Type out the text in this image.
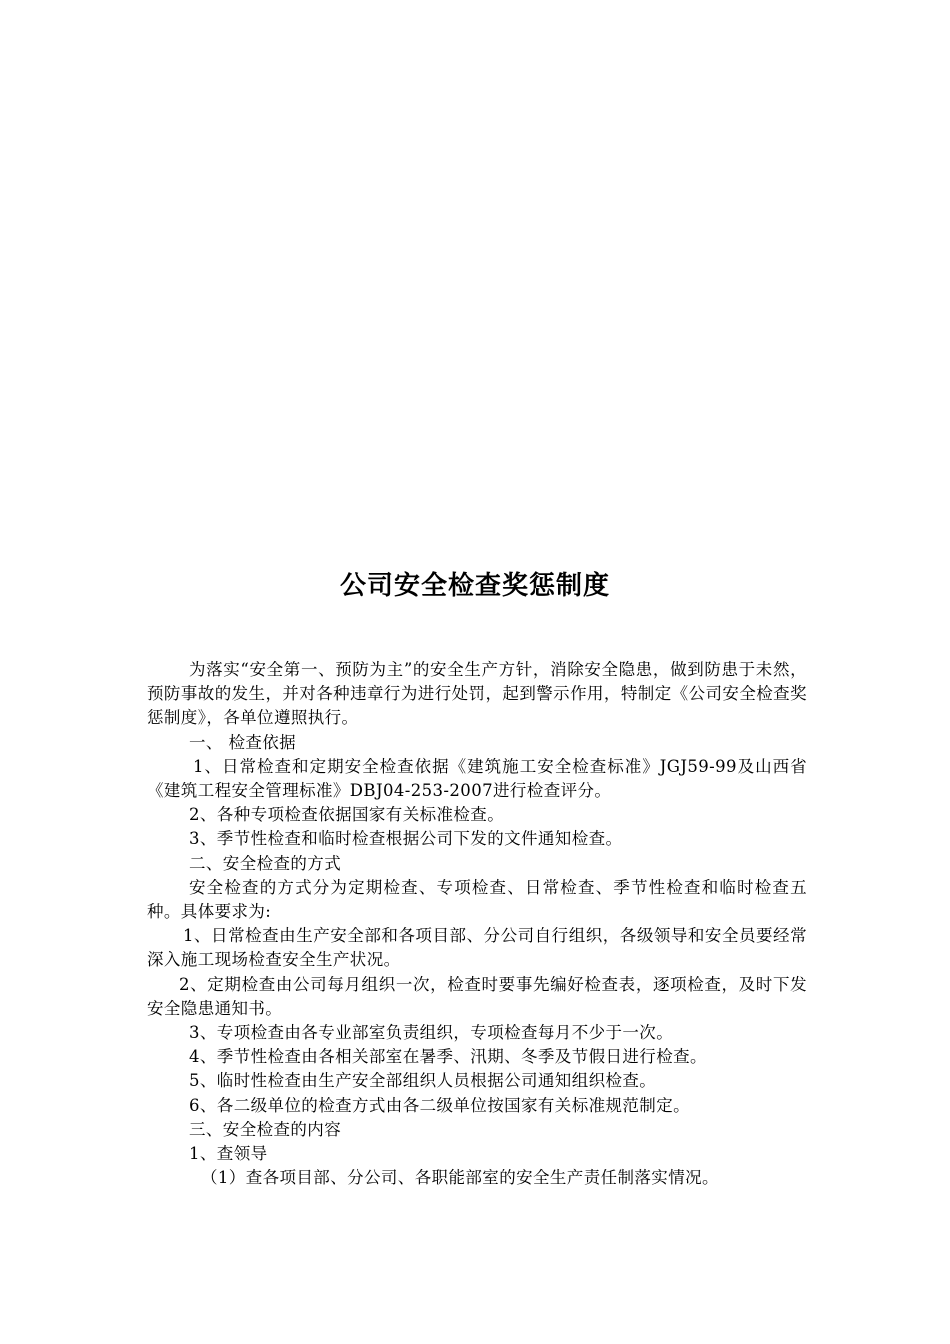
公司安全检查奖惩制度

为落实“安全第一、预防为主”的安全生产方针，消除安全隐患，做到防患于未然，预防事故的发生，并对各种违章行为进行处罚，起到警示作用，特制定《公司安全检查奖惩制度》，各单位遵照执行。

一、 检查依据

1、日常检查和定期安全检查依据《建筑施工安全检查标准》JGJ59-99及山西省《建筑工程安全管理标准》DBJ04-253-2007进行检查评分。

2、各种专项检查依据国家有关标准检查。

3、季节性检查和临时检查根据公司下发的文件通知检查。

二、安全检查的方式

安全检查的方式分为定期检查、专项检查、日常检查、季节性检查和临时检查五种。具体要求为:

1、日常检查由生产安全部和各项目部、分公司自行组织，各级领导和安全员要经常深入施工现场检查安全生产状况。

2、定期检查由公司每月组织一次，检查时要事先编好检查表，逐项检查，及时下发安全隐患通知书。

3、专项检查由各专业部室负责组织，专项检查每月不少于一次。

4、季节性检查由各相关部室在暑季、汛期、冬季及节假日进行检查。

5、临时性检查由生产安全部组织人员根据公司通知组织检查。

6、各二级单位的检查方式由各二级单位按国家有关标准规范制定。

三、安全检查的内容

1、查领导

（1）查各项目部、分公司、各职能部室的安全生产责任制落实情况。
